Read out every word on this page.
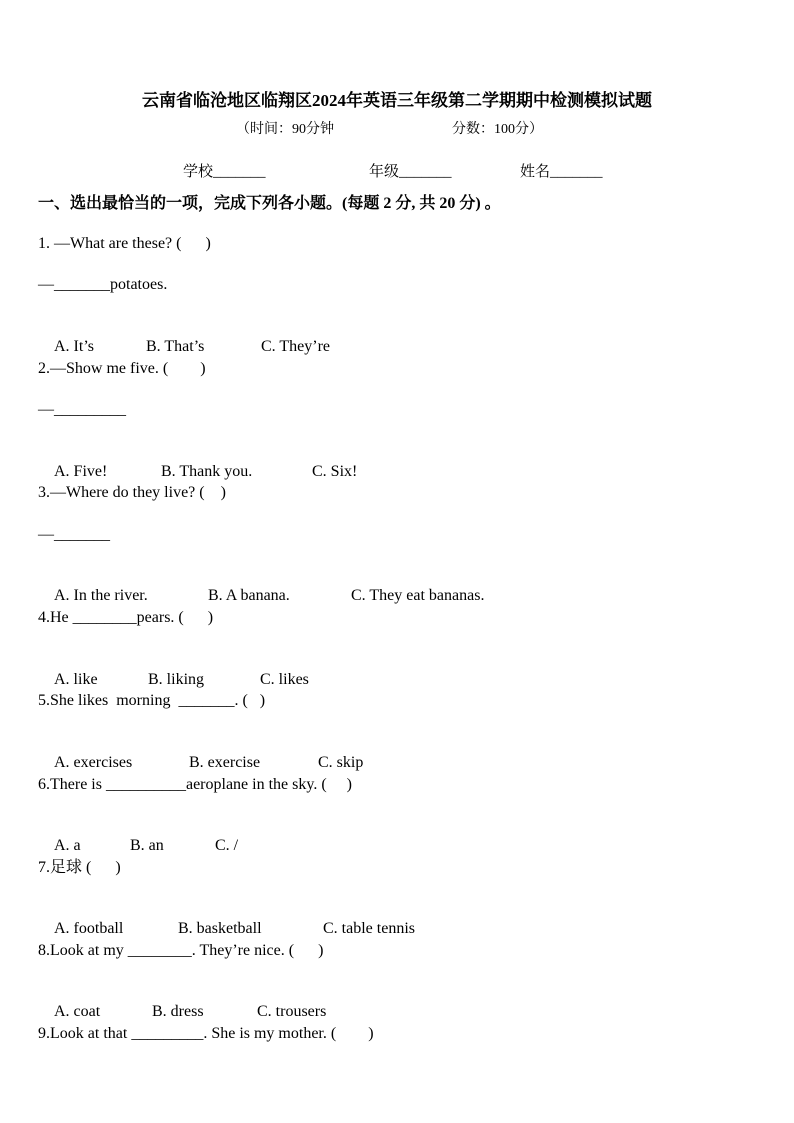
云南省临沧地区临翔区2024年英语三年级第二学期期中检测模拟试题
（时间：90分钟	分数：100分）
学校_______	年级_______	姓名_______
一、选出最恰当的一项，完成下列各小题。(每题 2 分, 共 20 分) 。
1. —What are these? (      )
—_______potatoes.

A. It’s	B. That’s	C. They’re

2.—Show me five. (        )
—_________

A. Five!	B. Thank you.	C. Six!

3.—Where do they live? (    )
—_______

A. In the river.	B. A banana.	C. They eat bananas.

4.He ________pears. (      )

A. like	B. liking	C. likes

5.She likes  morning  _______. (   )

A. exercises	B. exercise	C. skip

6.There is __________aeroplane in the sky. (     )

A. a	B. an	C. /

7.足球 (      )

A. football	B. basketball	C. table tennis

8.Look at my ________. They’re nice. (      )

A. coat	B. dress	C. trousers

9.Look at that _________. She is my mother. (        )
